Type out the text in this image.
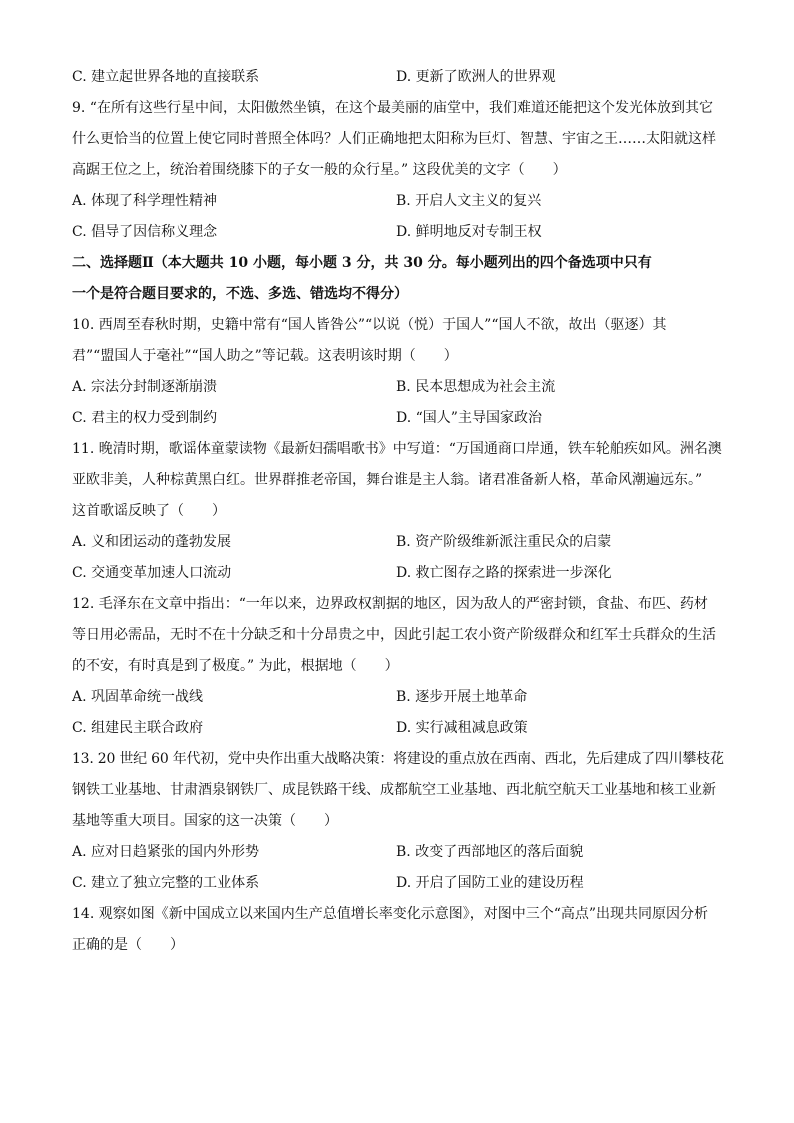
C. 建立起世界各地的直接联系	D. 更新了欧洲人的世界观
9. “在所有这些行星中间，太阳傲然坐镇，在这个最美丽的庙堂中，我们难道还能把这个发光体放到其它
什么更恰当的位置上使它同时普照全体吗？人们正确地把太阳称为巨灯、智慧、宇宙之王……太阳就这样
高踞王位之上，统治着围绕膝下的子女一般的众行星。” 这段优美的文字（　　）
A. 体现了科学理性精神	B. 开启人文主义的复兴
C. 倡导了因信称义理念	D. 鲜明地反对专制王权
二、选择题Ⅱ（本大题共 10 小题，每小题 3 分，共 30 分。每小题列出的四个备选项中只有
一个是符合题目要求的，不选、多选、错选均不得分）
10. 西周至春秋时期，史籍中常有“国人皆咎公”“以说（悦）于国人”“国人不欲，故出（驱逐）其
君”“盟国人于毫社”“国人助之”等记载。这表明该时期（　　）
A. 宗法分封制逐渐崩溃	B. 民本思想成为社会主流
C. 君主的权力受到制约	D. “国人”主导国家政治
11. 晚清时期，歌谣体童蒙读物《最新妇孺唱歌书》中写道：“万国通商口岸通，铁车轮舶疾如风。洲名澳
亚欧非美，人种棕黄黑白红。世界群推老帝国，舞台谁是主人翁。诸君准备新人格，革命风潮遍远东。”
这首歌谣反映了（　　）
A. 义和团运动的蓬勃发展	B. 资产阶级维新派注重民众的启蒙
C. 交通变革加速人口流动	D. 救亡图存之路的探索进一步深化
12. 毛泽东在文章中指出：“一年以来，边界政权割据的地区，因为敌人的严密封锁，食盐、布匹、药材
等日用必需品，无时不在十分缺乏和十分昂贵之中，因此引起工农小资产阶级群众和红军士兵群众的生活
的不安，有时真是到了极度。” 为此，根据地（　　）
A. 巩固革命统一战线	B. 逐步开展土地革命
C. 组建民主联合政府	D. 实行减租减息政策
13. 20 世纪 60 年代初，党中央作出重大战略决策：将建设的重点放在西南、西北，先后建成了四川攀枝花
钢铁工业基地、甘肃酒泉钢铁厂、成昆铁路干线、成都航空工业基地、西北航空航天工业基地和核工业新
基地等重大项目。国家的这一决策（　　）
A. 应对日趋紧张的国内外形势	B. 改变了西部地区的落后面貌
C. 建立了独立完整的工业体系	D. 开启了国防工业的建设历程
14. 观察如图《新中国成立以来国内生产总值增长率变化示意图》，对图中三个“高点”出现共同原因分析
正确的是（　　）
